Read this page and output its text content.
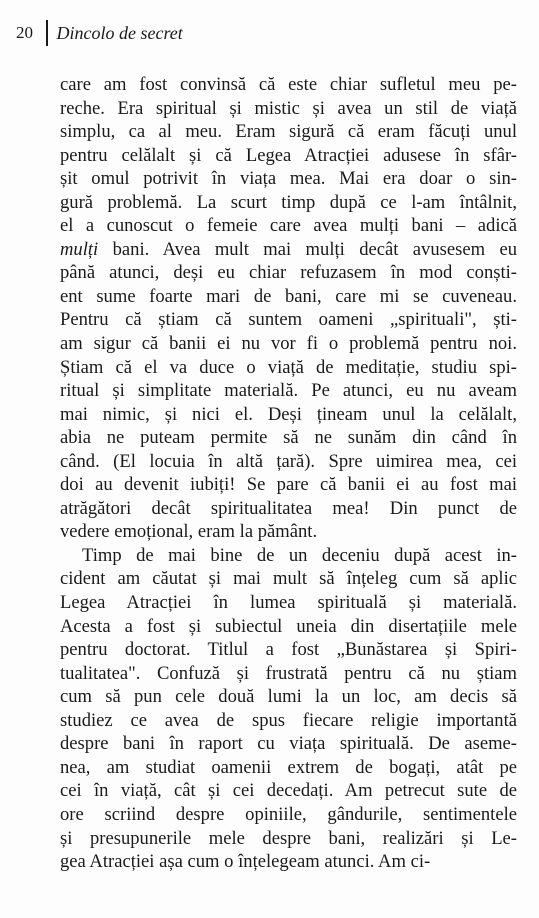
20	Dincolo de secret
care am fost convinsă că este chiar sufletul meu pe-
reche. Era spiritual și mistic și avea un stil de viață
simplu, ca al meu. Eram sigură că eram făcuți unul
pentru celălalt și că Legea Atracției adusese în sfâr-
șit omul potrivit în viața mea. Mai era doar o sin-
gură problemă. La scurt timp după ce l-am întâlnit,
el a cunoscut o femeie care avea mulți bani – adică
mulți bani. Avea mult mai mulți decât avusesem eu
până atunci, deși eu chiar refuzasem în mod conști-
ent sume foarte mari de bani, care mi se cuveneau.
Pentru că știam că suntem oameni „spirituali", ști-
am sigur că banii ei nu vor fi o problemă pentru noi.
Știam că el va duce o viață de meditație, studiu spi-
ritual și simplitate materială. Pe atunci, eu nu aveam
mai nimic, și nici el. Deși țineam unul la celălalt,
abia ne puteam permite să ne sunăm din când în
când. (El locuia în altă țară). Spre uimirea mea, cei
doi au devenit iubiți! Se pare că banii ei au fost mai
atrăgători decât spiritualitatea mea! Din punct de
vedere emoțional, eram la pământ.
Timp de mai bine de un deceniu după acest in-
cident am căutat și mai mult să înțeleg cum să aplic
Legea Atracției în lumea spirituală și materială.
Acesta a fost și subiectul uneia din disertațiile mele
pentru doctorat. Titlul a fost „Bunăstarea și Spiri-
tualitatea". Confuză și frustrată pentru că nu știam
cum să pun cele două lumi la un loc, am decis să
studiez ce avea de spus fiecare religie importantă
despre bani în raport cu viața spirituală. De aseme-
nea, am studiat oamenii extrem de bogați, atât pe
cei în viață, cât și cei decedați. Am petrecut sute de
ore scriind despre opiniile, gândurile, sentimentele
și presupunerile mele despre bani, realizări și Le-
gea Atracției așa cum o înțelegeam atunci. Am ci-
